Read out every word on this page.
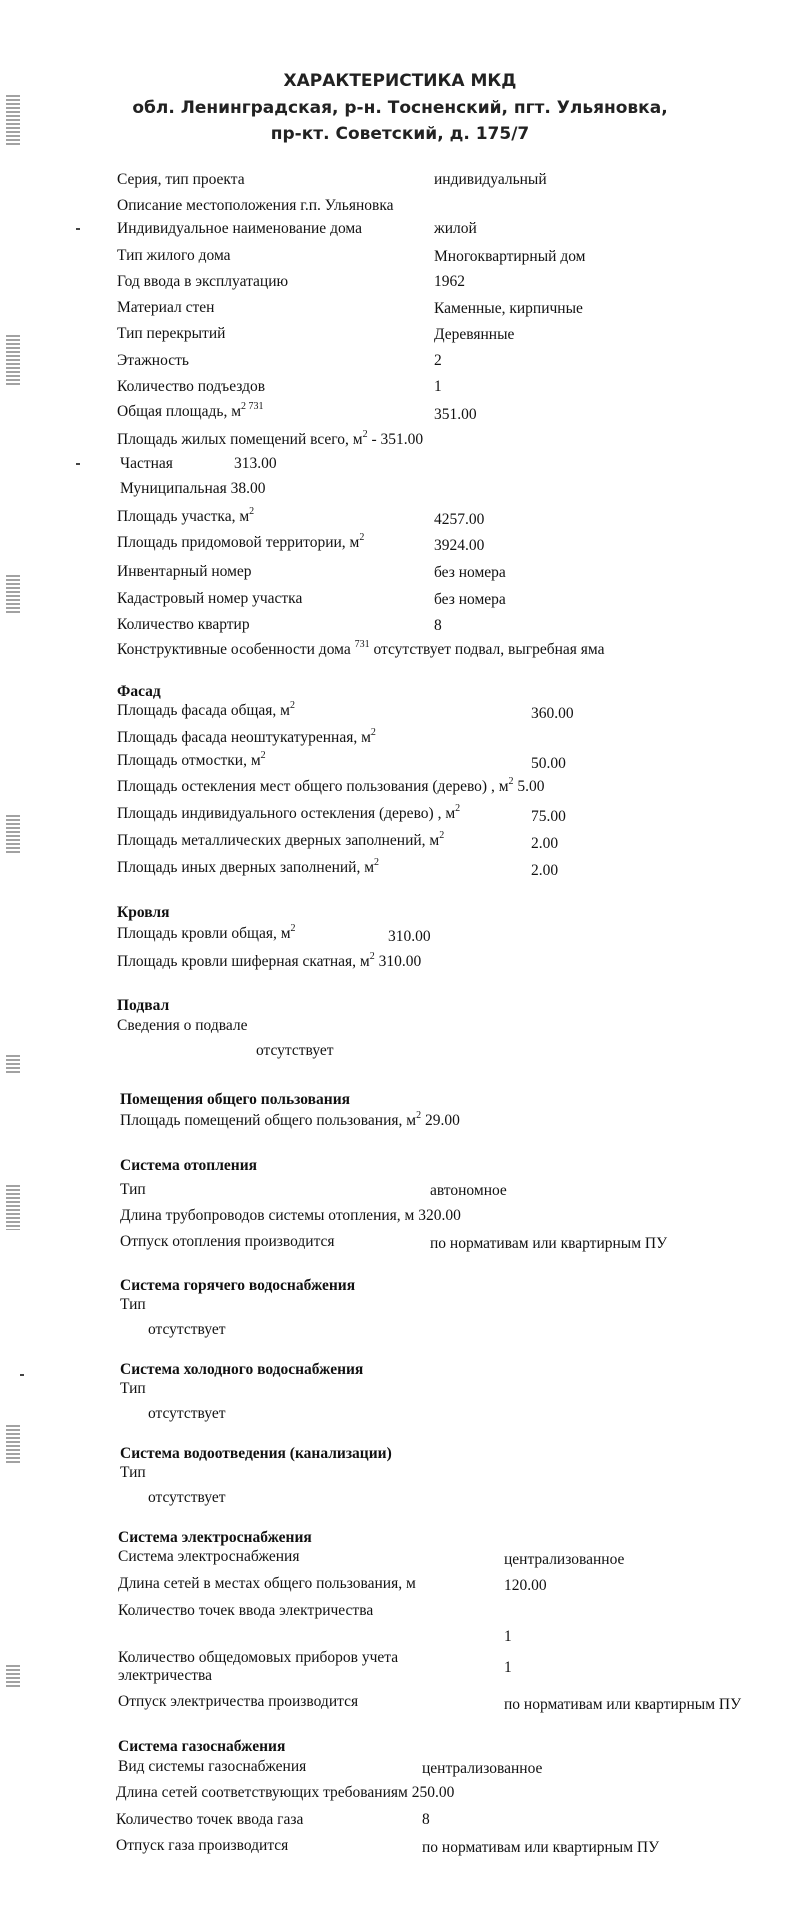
ХАРАКТЕРИСТИКА МКД
обл. Ленинградская, р-н. Тосненский, пгт. Ульяновка,
пр-кт. Советский, д. 175/7
Серия, тип проекта	индивидуальный
Описание местоположения г.п. Ульяновка
Индивидуальное наименование дома	жилой
Тип жилого дома	Многоквартирный дом
Год ввода в эксплуатацию	1962
Материал стен	Каменные, кирпичные
Тип перекрытий	Деревянные
Этажность	2
Количество подъездов	1
Общая площадь, $м^{2 731}$	351.00
Площадь жилых помещений всего, $м^2 - 351.00$
Частная	313.00
Муниципальная 38.00
Площадь участка, $м^2$	4257.00
Площадь придомовой территории, $м^2$	3924.00
Инвентарный номер	без номера
Кадастровый номер участка	без номера
Количество квартир	8
Конструктивные особенности дома $^{731}$ отсутствует подвал, выгребная яма
Фасад
Площадь фасада общая, $м^2$	360.00
Площадь фасада неоштукатуренная, $м^2$
Площадь отмостки, $м^2$	50.00
Площадь остекления мест общего пользования (дерево) , $м^2$ 5.00
Площадь индивидуального остекления (дерево) , $м^2$	75.00
Площадь металлических дверных заполнений, $м^2$	2.00
Площадь иных дверных заполнений, $м^2$	2.00
Кровля
Площадь кровли общая, $м^2$	310.00
Площадь кровли шиферная скатная, $м^2$ 310.00
Подвал
Сведения о подвале
отсутствует
Помещения общего пользования
Площадь помещений общего пользования, $м^2$ 29.00
Система отопления
Тип	автономное
Длина трубопроводов системы отопления, м 320.00
Отпуск отопления производится	по нормативам или квартирным ПУ
Система горячего водоснабжения
Тип
отсутствует
Система холодного водоснабжения
Тип
отсутствует
Система водоотведения (канализации)
Тип
отсутствует
Система электроснабжения
Система электроснабжения	централизованное
Длина сетей в местах общего пользования, м	120.00
Количество точек ввода электричества
1
Количество общедомовых приборов учета
электричества	1
Отпуск электричества производится	по нормативам или квартирным ПУ
Система газоснабжения
Вид системы газоснабжения	централизованное
Длина сетей соответствующих требованиям 250.00
Количество точек ввода газа	8
Отпуск газа производится	по нормативам или квартирным ПУ
